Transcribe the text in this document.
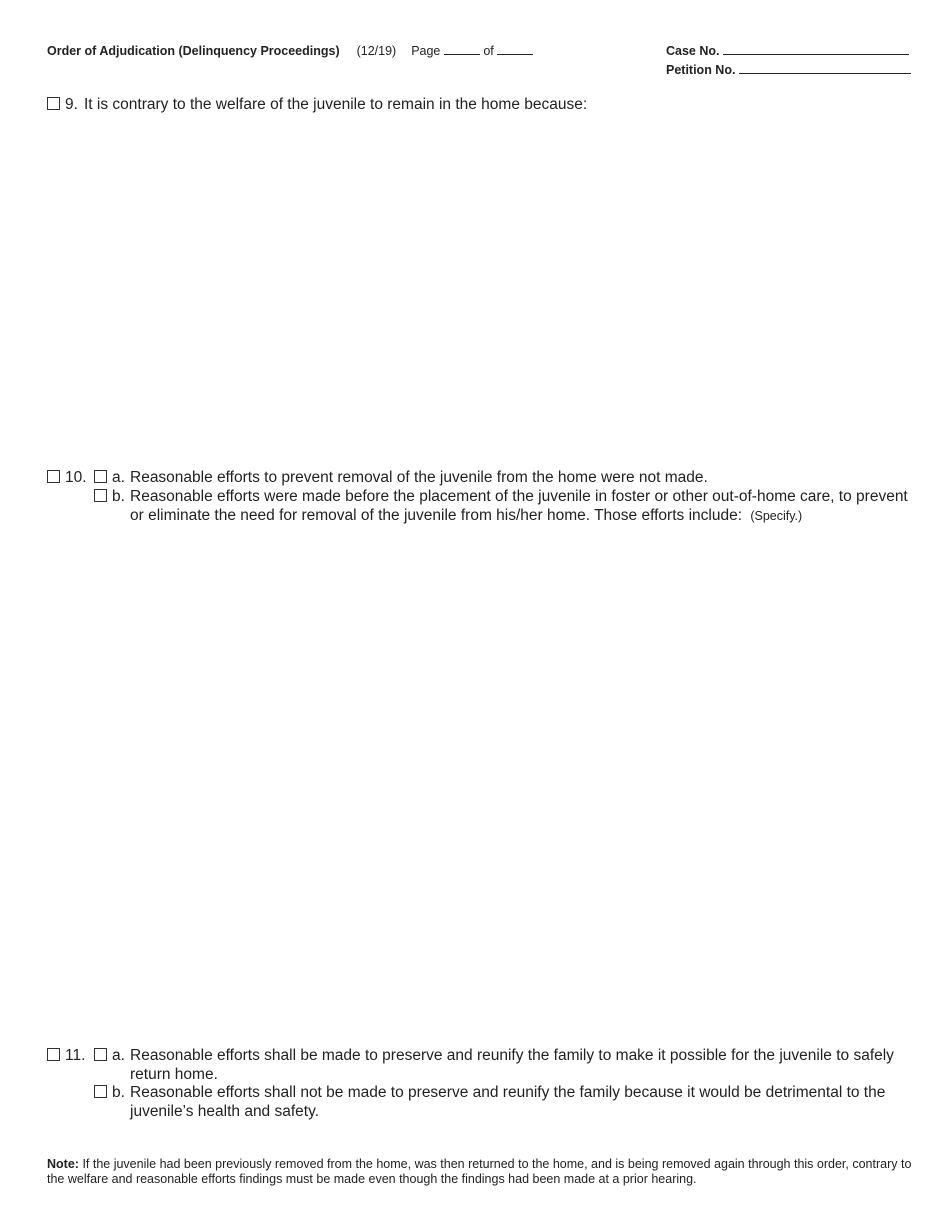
Order of Adjudication (Delinquency Proceedings) (12/19) Page	of	Case No.
Petition No.
9. It is contrary to the welfare of the juvenile to remain in the home because:
10. a. Reasonable efforts to prevent removal of the juvenile from the home were not made.
b. Reasonable efforts were made before the placement of the juvenile in foster or other out-of-home care, to prevent
or eliminate the need for removal of the juvenile from his/her home. Those efforts include: (Specify.)
11. a. Reasonable efforts shall be made to preserve and reunify the family to make it possible for the juvenile to safely
return home.
b. Reasonable efforts shall not be made to preserve and reunify the family because it would be detrimental to the
juvenile’s health and safety.
Note: If the juvenile had been previously removed from the home, was then returned to the home, and is being removed again through this order, contrary to the welfare and reasonable efforts findings must be made even though the findings had been made at a prior hearing.
